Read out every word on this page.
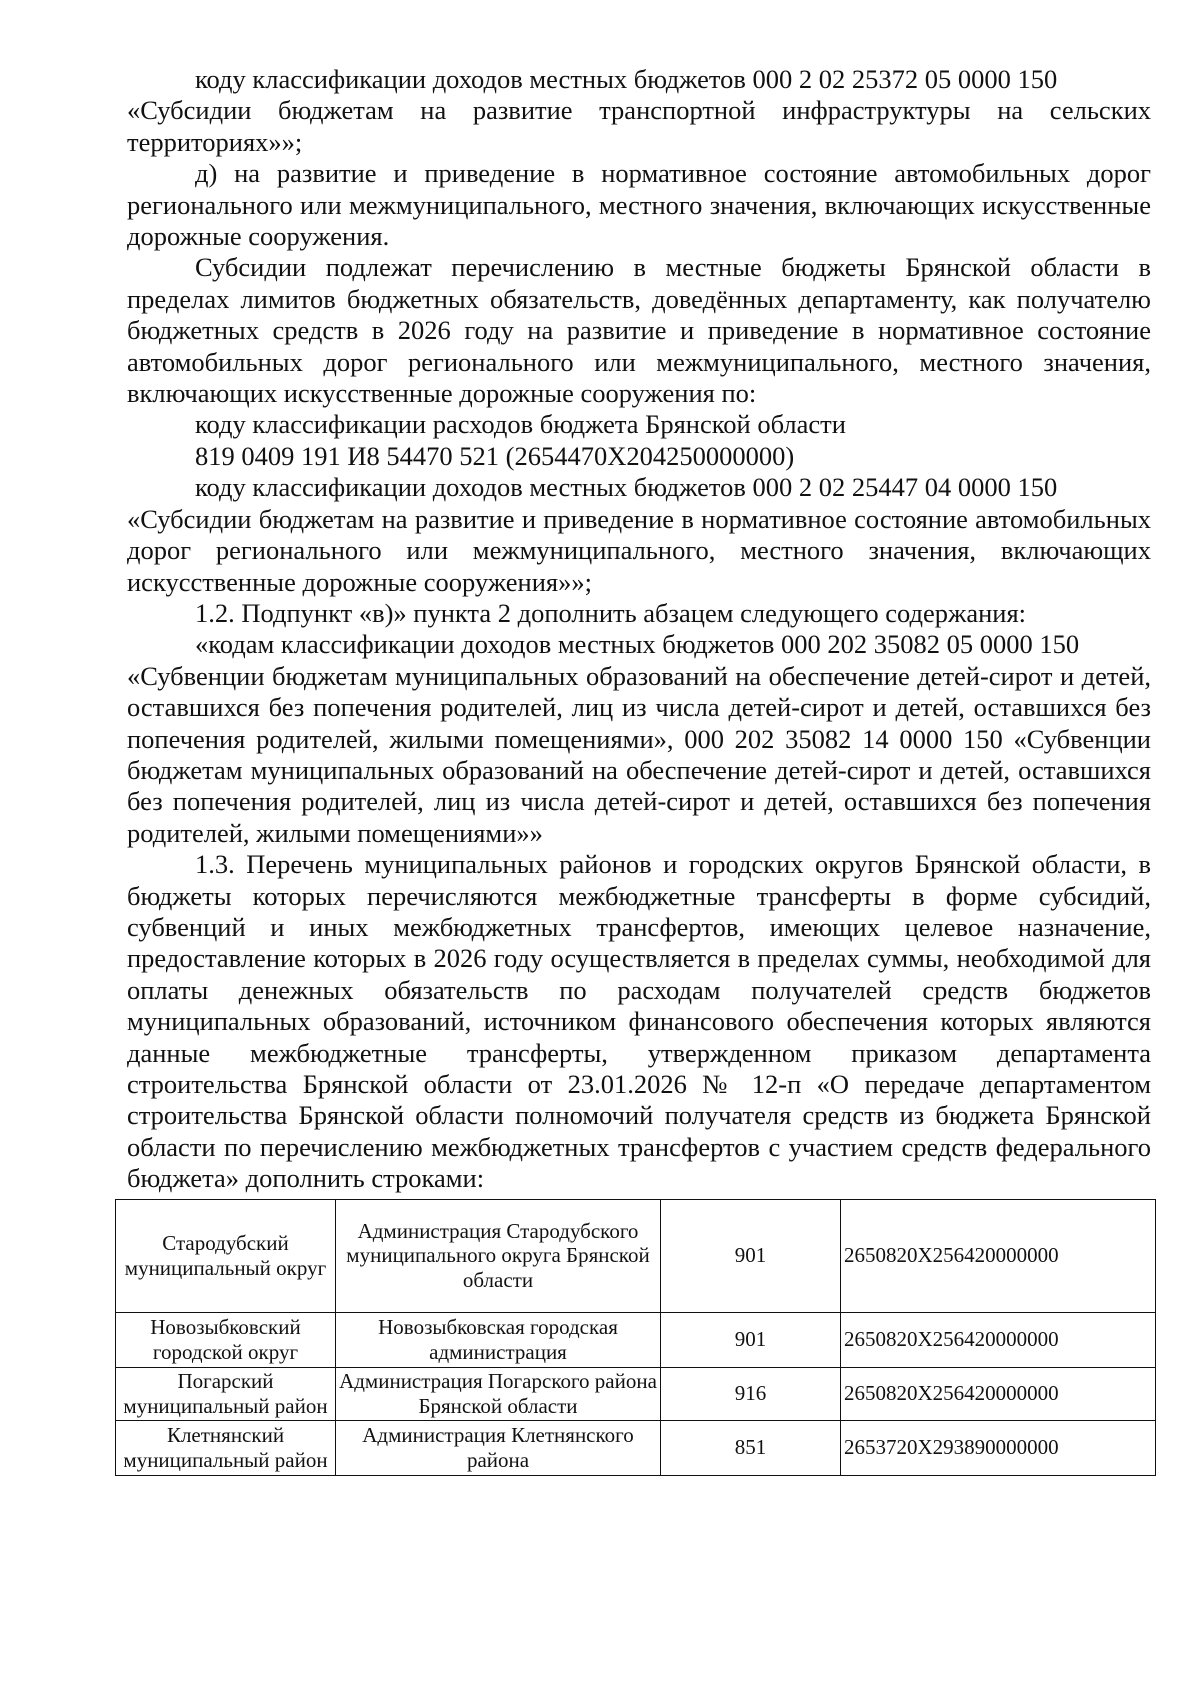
коду классификации доходов местных бюджетов 000 2 02 25372 05 0000 150

«Субсидии бюджетам на развитие транспортной инфраструктуры на сельских территориях»»;

д) на развитие и приведение в нормативное состояние автомобильных дорог регионального или межмуниципального, местного значения, включающих искусственные дорожные сооружения.

Субсидии подлежат перечислению в местные бюджеты Брянской области в пределах лимитов бюджетных обязательств, доведённых департаменту, как получателю бюджетных средств в 2026 году на развитие и приведение в нормативное состояние автомобильных дорог регионального или межмуниципального, местного значения, включающих искусственные дорожные сооружения по:

коду классификации расходов бюджета Брянской области

819 0409 191 И8 54470 521 (2654470X204250000000)

коду классификации доходов местных бюджетов 000 2 02 25447 04 0000 150

«Субсидии бюджетам на развитие и приведение в нормативное состояние автомобильных дорог регионального или межмуниципального, местного значения, включающих искусственные дорожные сооружения»»;

1.2. Подпункт «в)» пункта 2 дополнить абзацем следующего содержания:

«кодам классификации доходов местных бюджетов 000 202 35082 05 0000 150

«Субвенции бюджетам муниципальных образований на обеспечение детей-сирот и детей, оставшихся без попечения родителей, лиц из числа детей-сирот и детей, оставшихся без попечения родителей, жилыми помещениями», 000 202 35082 14 0000 150 «Субвенции бюджетам муниципальных образований на обеспечение детей-сирот и детей, оставшихся без попечения родителей, лиц из числа детей-сирот и детей, оставшихся без попечения родителей, жилыми помещениями»»

1.3. Перечень муниципальных районов и городских округов Брянской области, в бюджеты которых перечисляются межбюджетные трансферты в форме субсидий, субвенций и иных межбюджетных трансфертов, имеющих целевое назначение, предоставление которых в 2026 году осуществляется в пределах суммы, необходимой для оплаты денежных обязательств по расходам получателей средств бюджетов муниципальных образований, источником финансового обеспечения которых являются данные межбюджетные трансферты, утвержденном приказом департамента строительства Брянской области от 23.01.2026 № 12-п «О передаче департаментом строительства Брянской области полномочий получателя средств из бюджета Брянской области по перечислению межбюджетных трансфертов с участием средств федерального бюджета» дополнить строками:

Стародубский муниципальный округ	Администрация Стародубского муниципального округа Брянской области	901	2650820X256420000000
Новозыбковский городской округ	Новозыбковская городская администрация	901	2650820X256420000000
Погарский муниципальный район	Администрация Погарского района Брянской области	916	2650820X256420000000
Клетнянский муниципальный район	Администрация Клетнянского района	851	2653720X293890000000
